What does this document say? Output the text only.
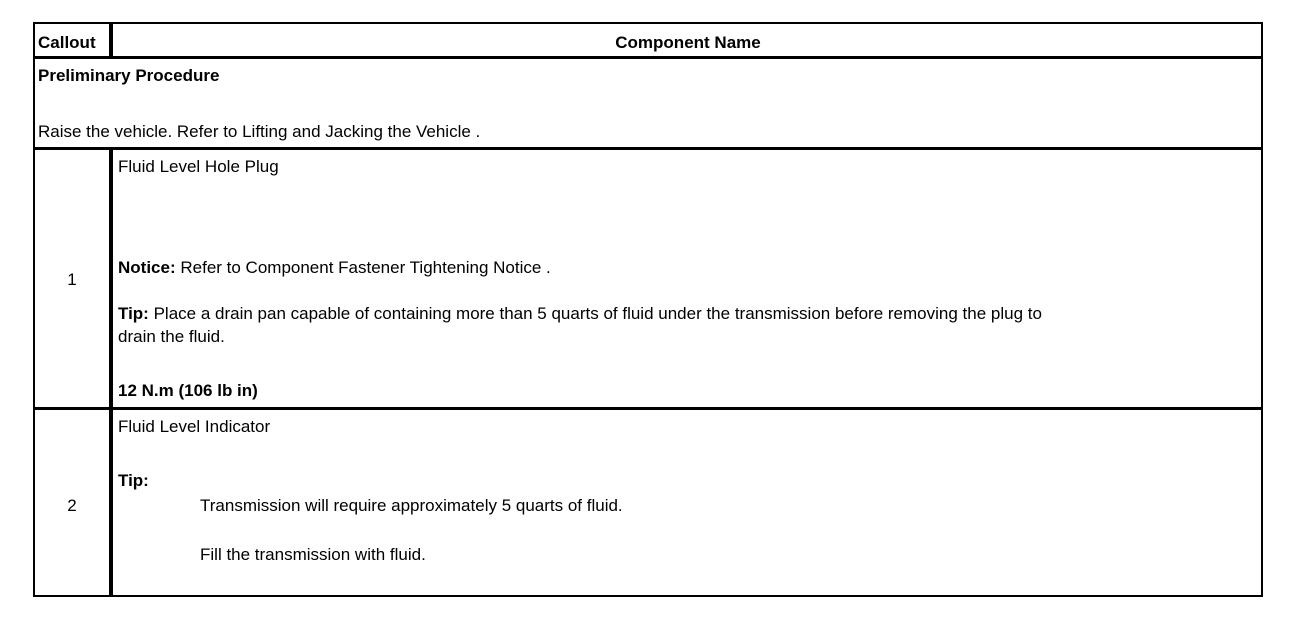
Callout	Component Name
Preliminary Procedure
Raise the vehicle. Refer to Lifting and Jacking the Vehicle .
1
Fluid Level Hole Plug
Notice: Refer to Component Fastener Tightening Notice .
Tip: Place a drain pan capable of containing more than 5 quarts of fluid under the transmission before removing the plug to
drain the fluid.
12 N.m (106 lb in)
2
Fluid Level Indicator
Tip:
Transmission will require approximately 5 quarts of fluid.
Fill the transmission with fluid.
